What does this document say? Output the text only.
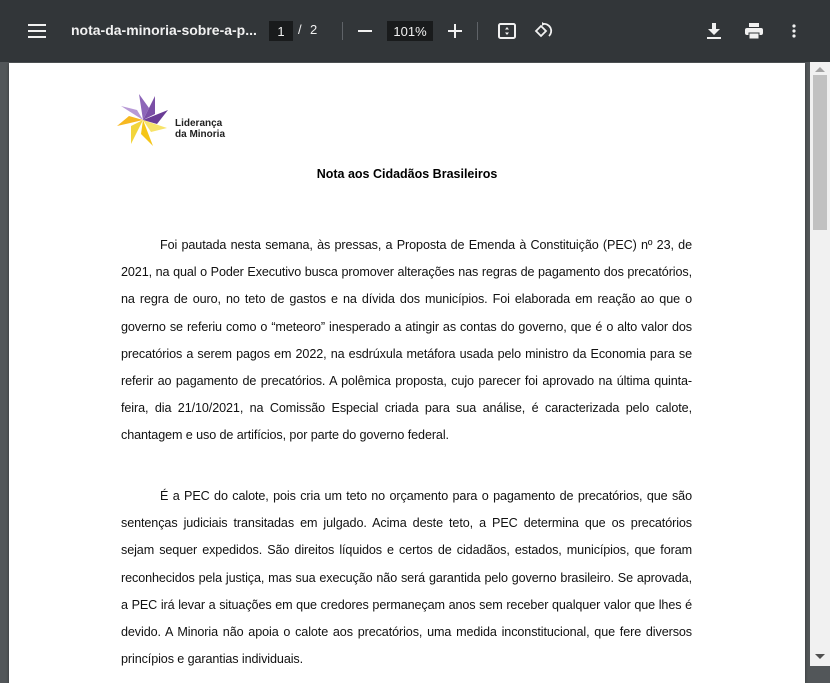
nota-da-minoria-sobre-a-p...	1	/ 2	101%
Liderança
da Minoria
Nota aos Cidadãos Brasileiros
Foi pautada nesta semana, às pressas, a Proposta de Emenda à Constituição (PEC) nº 23, de 2021, na qual o Poder Executivo busca promover alterações nas regras de pagamento dos precatórios, na regra de ouro, no teto de gastos e na dívida dos municípios. Foi elaborada em reação ao que o governo se referiu como o “meteoro” inesperado a atingir as contas do governo, que é o alto valor dos precatórios a serem pagos em 2022, na esdrúxula metáfora usada pelo ministro da Economia para se referir ao pagamento de precatórios. A polêmica proposta, cujo parecer foi aprovado na última quinta-feira, dia 21/10/2021, na Comissão Especial criada para sua análise, é caracterizada pelo calote, chantagem e uso de artifícios, por parte do governo federal.
É a PEC do calote, pois cria um teto no orçamento para o pagamento de precatórios, que são sentenças judiciais transitadas em julgado. Acima deste teto, a PEC determina que os precatórios sejam sequer expedidos. São direitos líquidos e certos de cidadãos, estados, municípios, que foram reconhecidos pela justiça, mas sua execução não será garantida pelo governo brasileiro. Se aprovada, a PEC irá levar a situações em que credores permaneçam anos sem receber qualquer valor que lhes é devido. A Minoria não apoia o calote aos precatórios, uma medida inconstitucional, que fere diversos princípios e garantias individuais.
